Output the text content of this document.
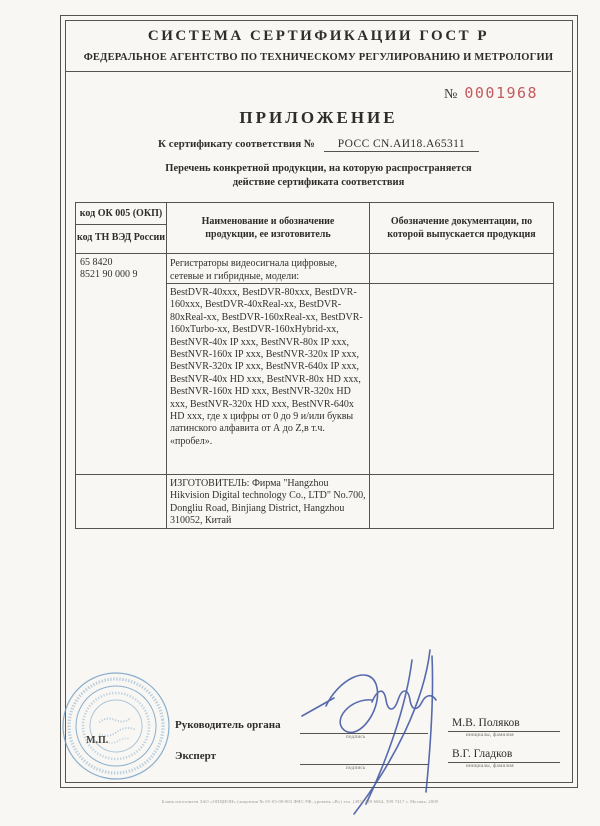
СИСТЕМА СЕРТИФИКАЦИИ ГОСТ Р
ФЕДЕРАЛЬНОЕ АГЕНТСТВО ПО ТЕХНИЧЕСКОМУ РЕГУЛИРОВАНИЮ И МЕТРОЛОГИИ
№ 0001968
ПРИЛОЖЕНИЕ
К сертификату соответствия № РОСС CN.АИ18.А65311
Перечень конкретной продукции, на которую распространяется
действие сертификата соответствия
код ОК 005 (ОКП)
код ТН ВЭД России
Наименование и обозначение продукции, ее изготовитель
Обозначение документации, по которой выпускается продукция
65 8420
8521 90 000 9
Регистраторы видеосигнала цифровые, сетевые и гибридные, модели:
BestDVR-40xxx, BestDVR-80xxx, BestDVR-160xxx, BestDVR-40xReal-xx, BestDVR-80xReal-xx, BestDVR-160xReal-xx, BestDVR-160xTurbo-xx, BestDVR-160xHybrid-xx, BestNVR-40x IP xxx, BestNVR-80x IP xxx, BestNVR-160x IP xxx, BestNVR-320x IP xxx, BestNVR-320x IP xxx, BestNVR-640x IP xxx, BestNVR-40x HD xxx, BestNVR-80x HD xxx, BestNVR-160x HD xxx, BestNVR-320x HD xxx, BestNVR-320x HD xxx, BestNVR-640x HD xxx, где x цифры от 0 до 9 и/или буквы латинского алфавита от А до Z,в т.ч. «пробел».
ИЗГОТОВИТЕЛЬ: Фирма "Hangzhou Hikvision Digital technology Co., LTD" No.700, Dongliu Road, Binjiang District, Hangzhou 310052, Китай
М.П.
Руководитель органа
подпись
М.В. Поляков
инициалы, фамилия
Эксперт
подпись
В.Г. Гладков
инициалы, фамилия
Бланк изготовлен ЗАО «ОПЦИОН» (лицензия № 05-05-09/003 ФНС РФ, уровень «В») тел. (495) 449 6064, 509 7417 г. Москва, 2009
